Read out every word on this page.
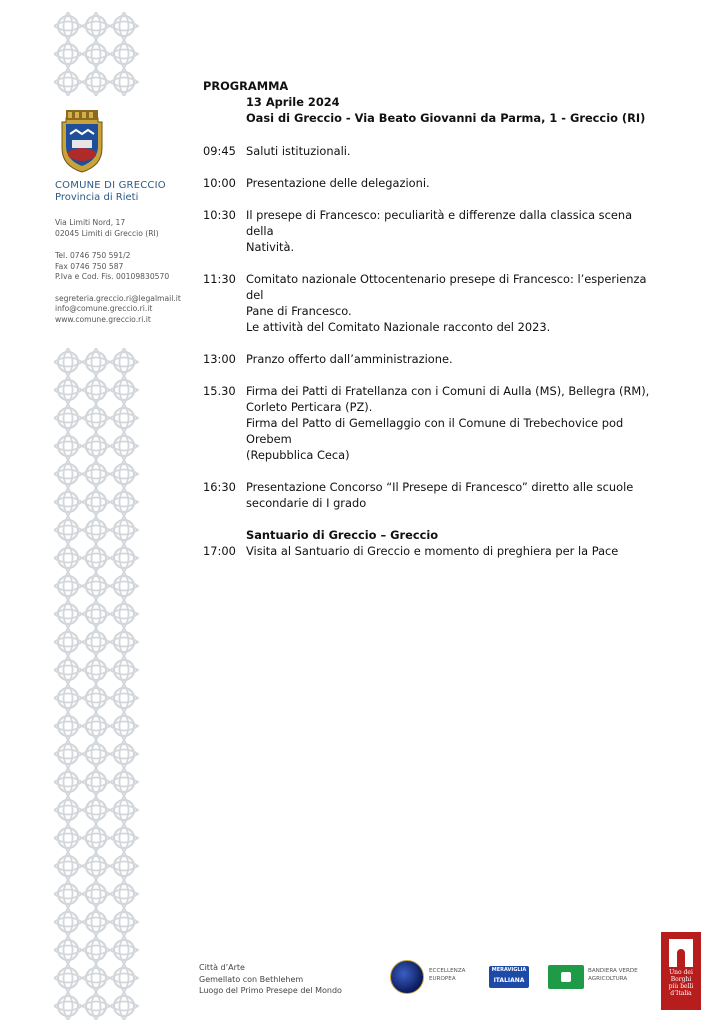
COMUNE DI GRECCIO
Provincia di Rieti
Via Limiti Nord, 17
02045 Limiti di Greccio (RI)
Tel. 0746 750 591/2
Fax 0746 750 587
P.Iva e Cod. Fis. 00109830570
segreteria.greccio.ri@legalmail.it
info@comune.greccio.ri.it
www.comune.greccio.ri.it
PROGRAMMA
13 Aprile 2024
Oasi di Greccio - Via Beato Giovanni da Parma, 1 - Greccio (RI)
09:45 Saluti istituzionali.
10:00 Presentazione delle delegazioni.
10:30 Il presepe di Francesco: peculiarità e differenze dalla classica scena della
Natività.
11:30 Comitato nazionale Ottocentenario presepe di Francesco: l’esperienza del
Pane di Francesco.
Le attività del Comitato Nazionale racconto del 2023.
13:00 Pranzo offerto dall’amministrazione.
15.30 Firma dei Patti di Fratellanza con i Comuni di Aulla (MS), Bellegra (RM),
Corleto Perticara (PZ).
Firma del Patto di Gemellaggio con il Comune di Trebechovice pod Orebem
(Repubblica Ceca)
16:30 Presentazione Concorso “Il Presepe di Francesco” diretto alle scuole
secondarie di I grado
Santuario di Greccio – Greccio
17:00 Visita al Santuario di Greccio e momento di preghiera per la Pace
Città d’Arte
Gemellato con Bethlehem
Luogo del Primo Presepe del Mondo
ECCELLENZA
EUROPEA
MERAVIGLIA
ITALIANA
BANDIERA VERDE
AGRICOLTURA
Uno dei
Borghi
più belli
d’Italia
